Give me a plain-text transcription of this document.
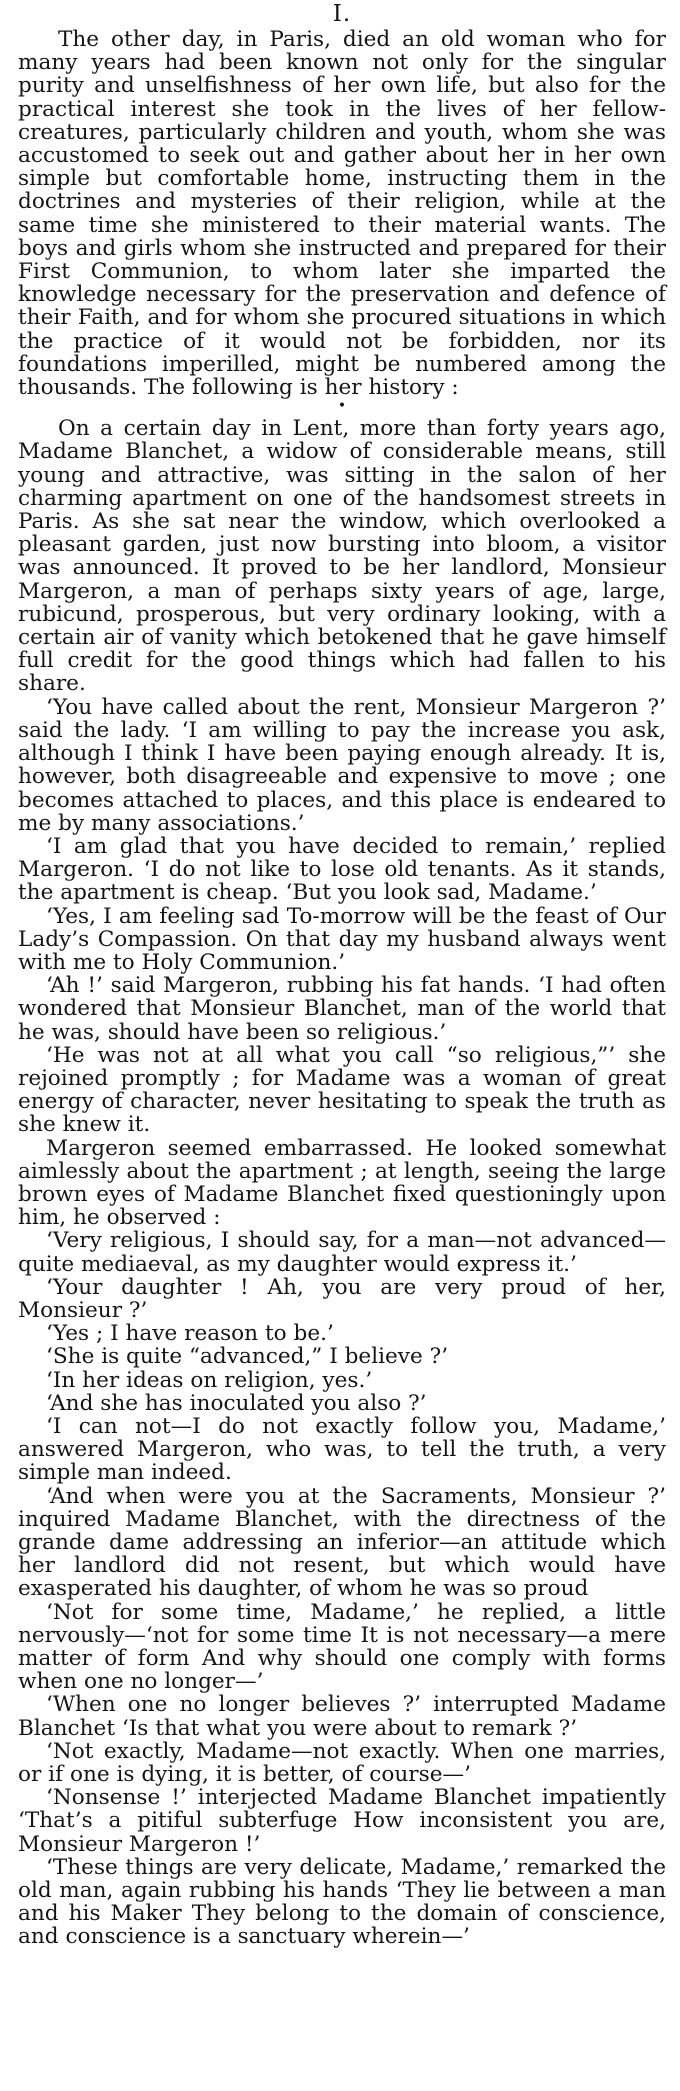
I.

The other day, in Paris, died an old woman who for many years had been known not only for the singular purity and unselfishness of her own life, but also for the practical interest she took in the lives of her fellow-creatures, particularly children and youth, whom she was accustomed to seek out and gather about her in her own simple but comfortable home, instructing them in the doctrines and mysteries of their religion, while at the same time she ministered to their material wants. The boys and girls whom she instructed and prepared for their First Communion, to whom later she imparted the knowledge necessary for the preservation and defence of their Faith, and for whom she procured situations in which the practice of it would not be forbidden, nor its foundations imperilled, might be numbered among the thousands. The following is her history :

•

On a certain day in Lent, more than forty years ago, Madame Blanchet, a widow of considerable means, still young and attractive, was sitting in the salon of her charming apartment on one of the handsomest streets in Paris. As she sat near the window, which overlooked a pleasant garden, just now bursting into bloom, a visitor was announced. It proved to be her landlord, Monsieur Margeron, a man of perhaps sixty years of age, large, rubicund, prosperous, but very ordinary looking, with a certain air of vanity which betokened that he gave himself full credit for the good things which had fallen to his share.

‘You have called about the rent, Monsieur Margeron ?’ said the lady. ‘I am willing to pay the increase you ask, although I think I have been paying enough already. It is, however, both disagreeable and expensive to move ; one becomes attached to places, and this place is endeared to me by many associations.’

‘I am glad that you have decided to remain,’ replied Margeron. ‘I do not like to lose old tenants. As it stands, the apartment is cheap. ‘But you look sad, Madame.’

‘Yes, I am feeling sad To-morrow will be the feast of Our Lady’s Compassion. On that day my husband always went with me to Holy Communion.’

‘Ah !’ said Margeron, rubbing his fat hands. ‘I had often wondered that Monsieur Blanchet, man of the world that he was, should have been so religious.’

‘He was not at all what you call “so religious,”’ she rejoined promptly ; for Madame was a woman of great energy of character, never hesitating to speak the truth as she knew it.

Margeron seemed embarrassed. He looked somewhat aimlessly about the apartment ; at length, seeing the large brown eyes of Madame Blanchet fixed questioningly upon him, he observed :

‘Very religious, I should say, for a man—not advanced—quite mediaeval, as my daughter would express it.’

‘Your daughter ! Ah, you are very proud of her, Monsieur ?’

‘Yes ; I have reason to be.’

‘She is quite “advanced,” I believe ?’

‘In her ideas on religion, yes.’

‘And she has inoculated you also ?’

‘I can not—I do not exactly follow you, Madame,’ answered Margeron, who was, to tell the truth, a very simple man indeed.

‘And when were you at the Sacraments, Monsieur ?’ inquired Madame Blanchet, with the directness of the grande dame addressing an inferior—an attitude which her landlord did not resent, but which would have exasperated his daughter, of whom he was so proud

‘Not for some time, Madame,’ he replied, a little nervously—‘not for some time It is not necessary—a mere matter of form And why should one comply with forms when one no longer—’

‘When one no longer believes ?’ interrupted Madame Blanchet ‘Is that what you were about to remark ?’

‘Not exactly, Madame—not exactly. When one marries, or if one is dying, it is better, of course—’

‘Nonsense !’ interjected Madame Blanchet impatiently ‘That’s a pitiful subterfuge How inconsistent you are, Monsieur Margeron !’

‘These things are very delicate, Madame,’ remarked the old man, again rubbing his hands ‘They lie between a man and his Maker They belong to the domain of conscience, and conscience is a sanctuary wherein—’
